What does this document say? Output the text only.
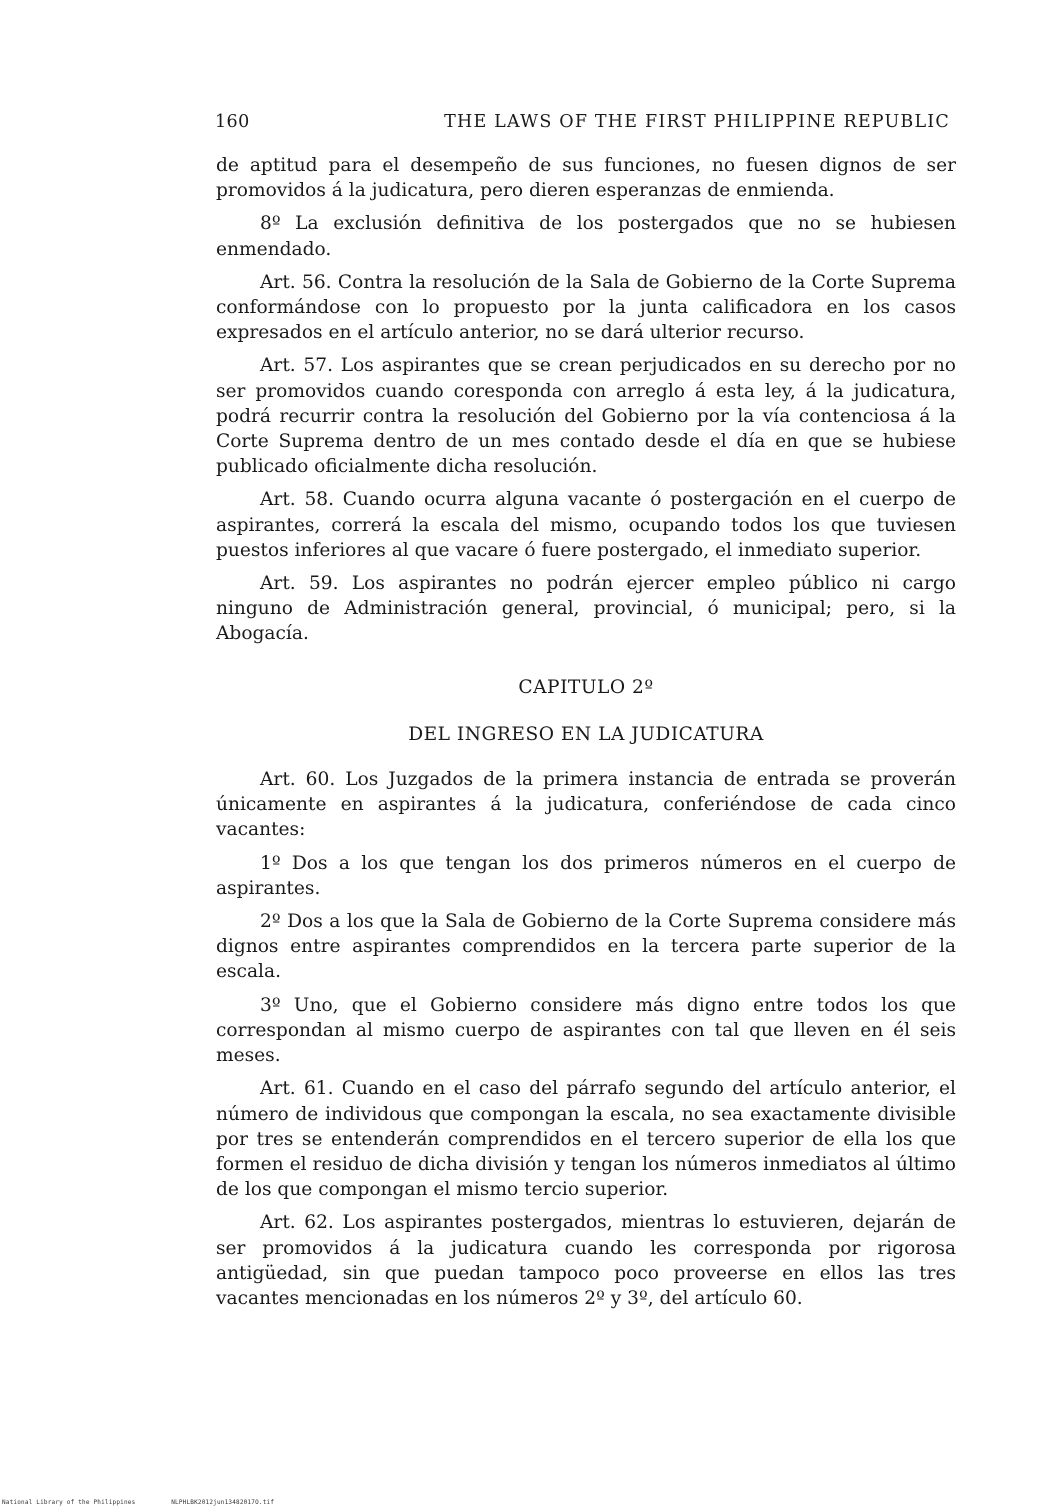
160	THE LAWS OF THE FIRST PHILIPPINE REPUBLIC

de aptitud para el desempeño de sus funciones, no fuesen dignos de ser promovidos á la judicatura, pero dieren esperanzas de enmienda.

8º La exclusión definitiva de los postergados que no se hubiesen enmendado.

Art. 56. Contra la resolución de la Sala de Gobierno de la Corte Suprema conformándose con lo propuesto por la junta calificadora en los casos expresados en el artículo anterior, no se dará ulterior recurso.

Art. 57. Los aspirantes que se crean perjudicados en su derecho por no ser promovidos cuando coresponda con arreglo á esta ley, á la judicatura, podrá recurrir contra la resolución del Gobierno por la vía contenciosa á la Corte Suprema dentro de un mes contado desde el día en que se hubiese publicado oficialmente dicha resolución.

Art. 58. Cuando ocurra alguna vacante ó postergación en el cuerpo de aspirantes, correrá la escala del mismo, ocupando todos los que tuviesen puestos inferiores al que vacare ó fuere postergado, el inmediato superior.

Art. 59. Los aspirantes no podrán ejercer empleo público ni cargo ninguno de Administración general, provincial, ó municipal; pero, si la Abogacía.

CAPITULO 2º
DEL INGRESO EN LA JUDICATURA

Art. 60. Los Juzgados de la primera instancia de entrada se proverán únicamente en aspirantes á la judicatura, conferiéndose de cada cinco vacantes:

1º Dos a los que tengan los dos primeros números en el cuerpo de aspirantes.

2º Dos a los que la Sala de Gobierno de la Corte Suprema considere más dignos entre aspirantes comprendidos en la tercera parte superior de la escala.

3º Uno, que el Gobierno considere más digno entre todos los que correspondan al mismo cuerpo de aspirantes con tal que lleven en él seis meses.

Art. 61. Cuando en el caso del párrafo segundo del artículo anterior, el número de individous que compongan la escala, no sea exactamente divisible por tres se entenderán comprendidos en el tercero superior de ella los que formen el residuo de dicha división y tengan los números inmediatos al último de los que compongan el mismo tercio superior.

Art. 62. Los aspirantes postergados, mientras lo estuvieren, dejarán de ser promovidos á la judicatura cuando les corresponda por rigorosa antigüedad, sin que puedan tampoco poco proveerse en ellos las tres vacantes mencionadas en los números 2º y 3º, del artículo 60.

National Library of the Philippines	NLPHLBK2012jun13482017O.tif
